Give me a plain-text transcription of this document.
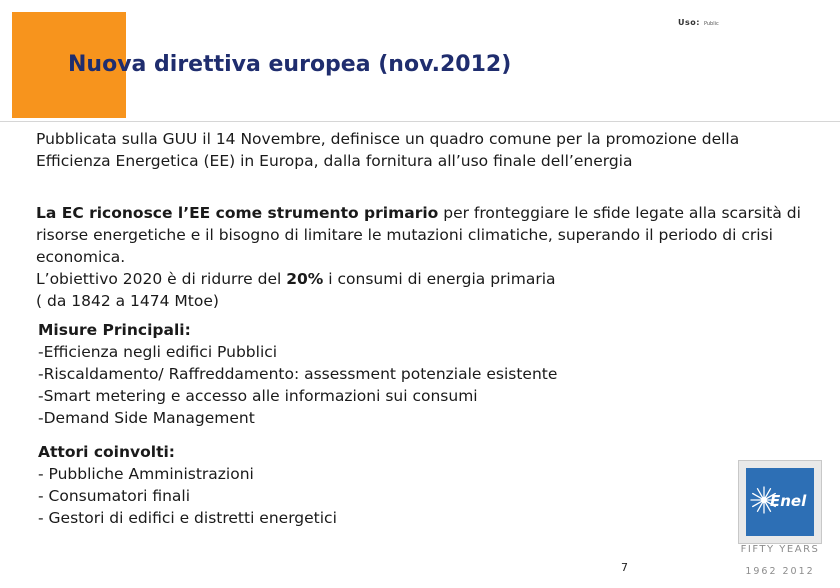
Uso: Public
Nuova direttiva europea (nov.2012)

Pubblicata sulla GUU il 14 Novembre, definisce un quadro comune per la promozione della Efficienza Energetica (EE) in Europa, dalla fornitura all’uso finale dell’energia

La EC riconosce l’EE come strumento primario per fronteggiare le sfide legate alla scarsità di risorse energetiche e il bisogno di limitare le mutazioni climatiche, superando il periodo di crisi economica.

L’obiettivo 2020 è di ridurre del 20% i consumi di energia primaria

( da 1842 a 1474 Mtoe)

Misure Principali:

-Efficienza negli edifici Pubblici

-Riscaldamento/ Raffreddamento: assessment potenziale esistente

-Smart metering e accesso alle informazioni sui consumi

-Demand Side Management

Attori coinvolti:

- Pubbliche Amministrazioni

- Consumatori finali

- Gestori di edifici e distretti energetici

7
Enel
FIFTY YEARS
1962 2012
